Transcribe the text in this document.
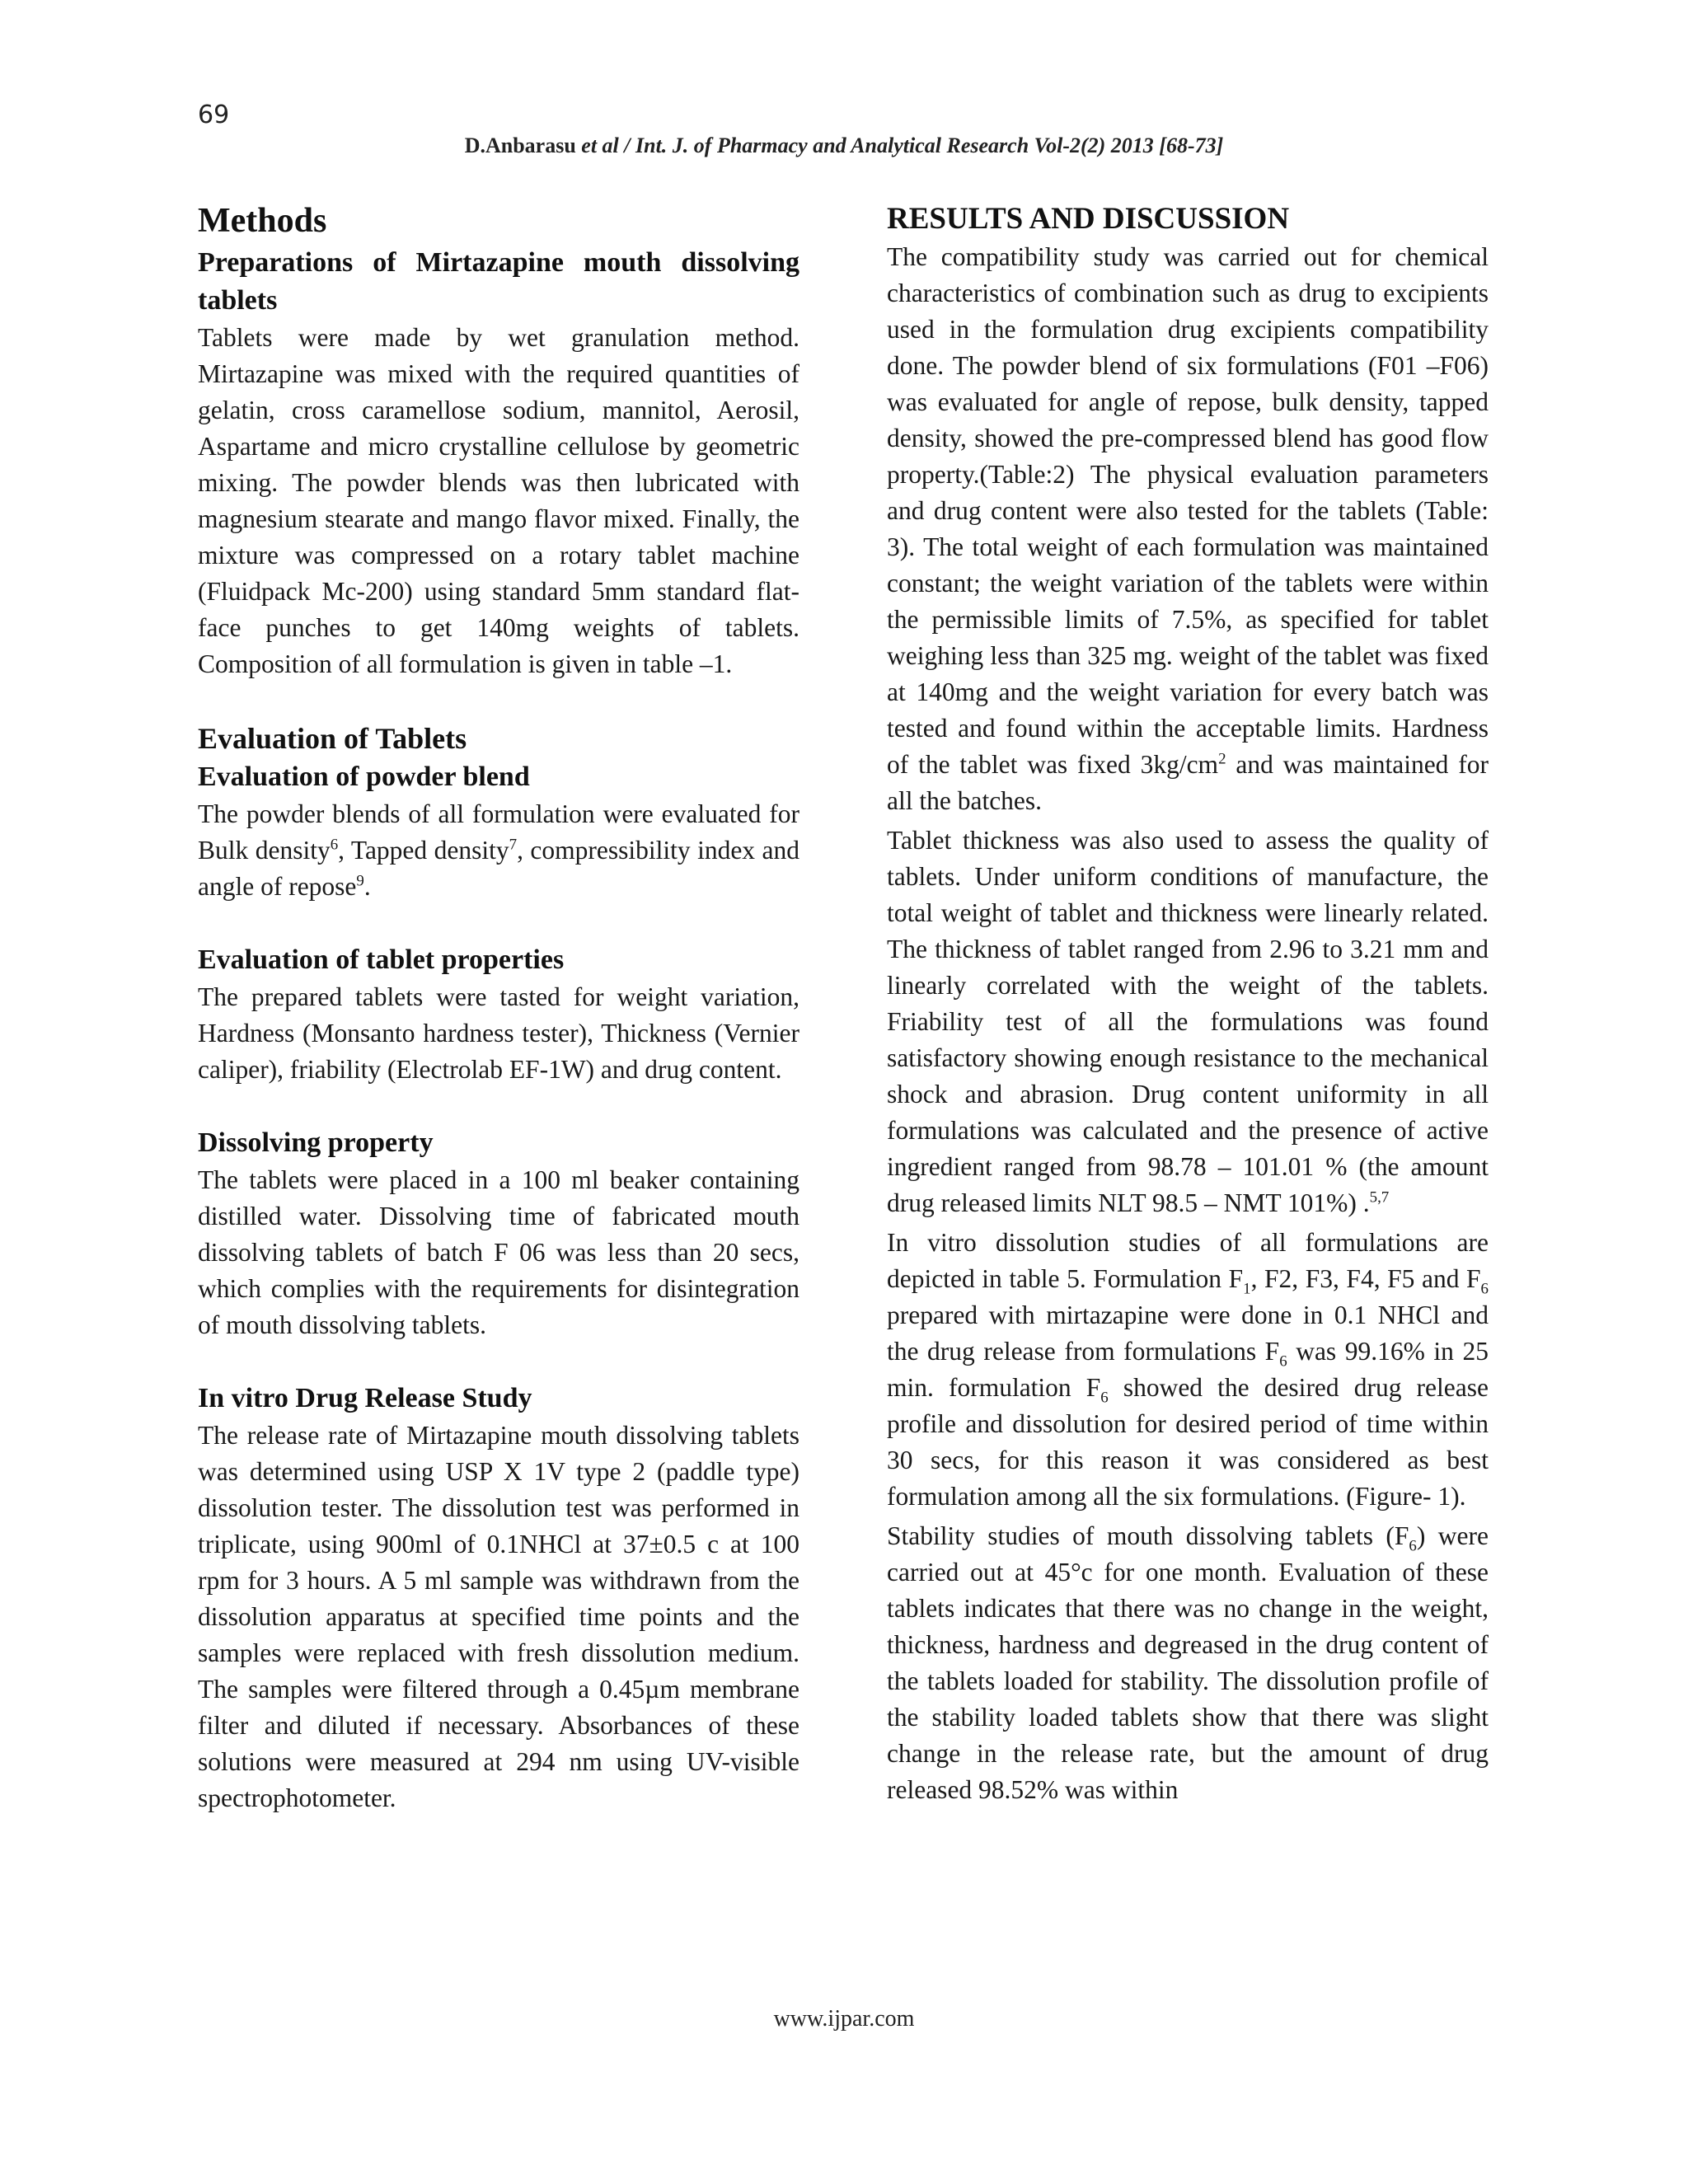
69
D.Anbarasu et al / Int. J. of Pharmacy and Analytical Research Vol-2(2) 2013 [68-73]
Methods
Preparations of Mirtazapine mouth dissolving tablets

Tablets were made by wet granulation method. Mirtazapine was mixed with the required quantities of gelatin, cross caramellose sodium, mannitol, Aerosil, Aspartame and micro crystalline cellulose by geometric mixing. The powder blends was then lubricated with magnesium stearate and mango flavor mixed. Finally, the mixture was compressed on a rotary tablet machine (Fluidpack Mc-200) using standard 5mm standard flat-face punches to get 140mg weights of tablets. Composition of all formulation is given in table –1.

Evaluation of Tablets
Evaluation of powder blend

The powder blends of all formulation were evaluated for Bulk density$^6$, Tapped density$^7$, compressibility index and angle of repose$^9$.

Evaluation of tablet properties

The prepared tablets were tasted for weight variation, Hardness (Monsanto hardness tester), Thickness (Vernier caliper), friability (Electrolab EF-1W) and drug content.

Dissolving property

The tablets were placed in a 100 ml beaker containing distilled water. Dissolving time of fabricated mouth dissolving tablets of batch F 06 was less than 20 secs, which complies with the requirements for disintegration of mouth dissolving tablets.

In vitro Drug Release Study

The release rate of Mirtazapine mouth dissolving tablets was determined using USP X 1V type 2 (paddle type) dissolution tester. The dissolution test was performed in triplicate, using 900ml of 0.1NHCl at 37±0.5 c at 100 rpm for 3 hours. A 5 ml sample was withdrawn from the dissolution apparatus at specified time points and the samples were replaced with fresh dissolution medium. The samples were filtered through a 0.45µm membrane filter and diluted if necessary. Absorbances of these solutions were measured at 294 nm using UV-visible spectrophotometer.

RESULTS AND DISCUSSION

The compatibility study was carried out for chemical characteristics of combination such as drug to excipients used in the formulation drug excipients compatibility done. The powder blend of six formulations (F01 –F06) was evaluated for angle of repose, bulk density, tapped density, showed the pre-compressed blend has good flow property.(Table:2) The physical evaluation parameters and drug content were also tested for the tablets (Table: 3). The total weight of each formulation was maintained constant; the weight variation of the tablets were within the permissible limits of 7.5%, as specified for tablet weighing less than 325 mg. weight of the tablet was fixed at 140mg and the weight variation for every batch was tested and found within the acceptable limits. Hardness of the tablet was fixed $3kg/cm^2$ and was maintained for all the batches.

Tablet thickness was also used to assess the quality of tablets. Under uniform conditions of manufacture, the total weight of tablet and thickness were linearly related. The thickness of tablet ranged from 2.96 to 3.21 mm and linearly correlated with the weight of the tablets. Friability test of all the formulations was found satisfactory showing enough resistance to the mechanical shock and abrasion. Drug content uniformity in all formulations was calculated and the presence of active ingredient ranged from 98.78 – 101.01 % (the amount drug released limits NLT 98.5 – NMT 101%) .$^{5,7}$

In vitro dissolution studies of all formulations are depicted in table 5. Formulation $F_1$, F2, F3, F4, F5 and $F_6$ prepared with mirtazapine were done in 0.1 NHCl and the drug release from formulations $F_6$ was 99.16% in 25 min. formulation $F_6$ showed the desired drug release profile and dissolution for desired period of time within 30 secs, for this reason it was considered as best formulation among all the six formulations. (Figure- 1).

Stability studies of mouth dissolving tablets $(F_6)$ were carried out at 45°c for one month. Evaluation of these tablets indicates that there was no change in the weight, thickness, hardness and degreased in the drug content of the tablets loaded for stability. The dissolution profile of the stability loaded tablets show that there was slight change in the release rate, but the amount of drug released 98.52% was within

www.ijpar.com
